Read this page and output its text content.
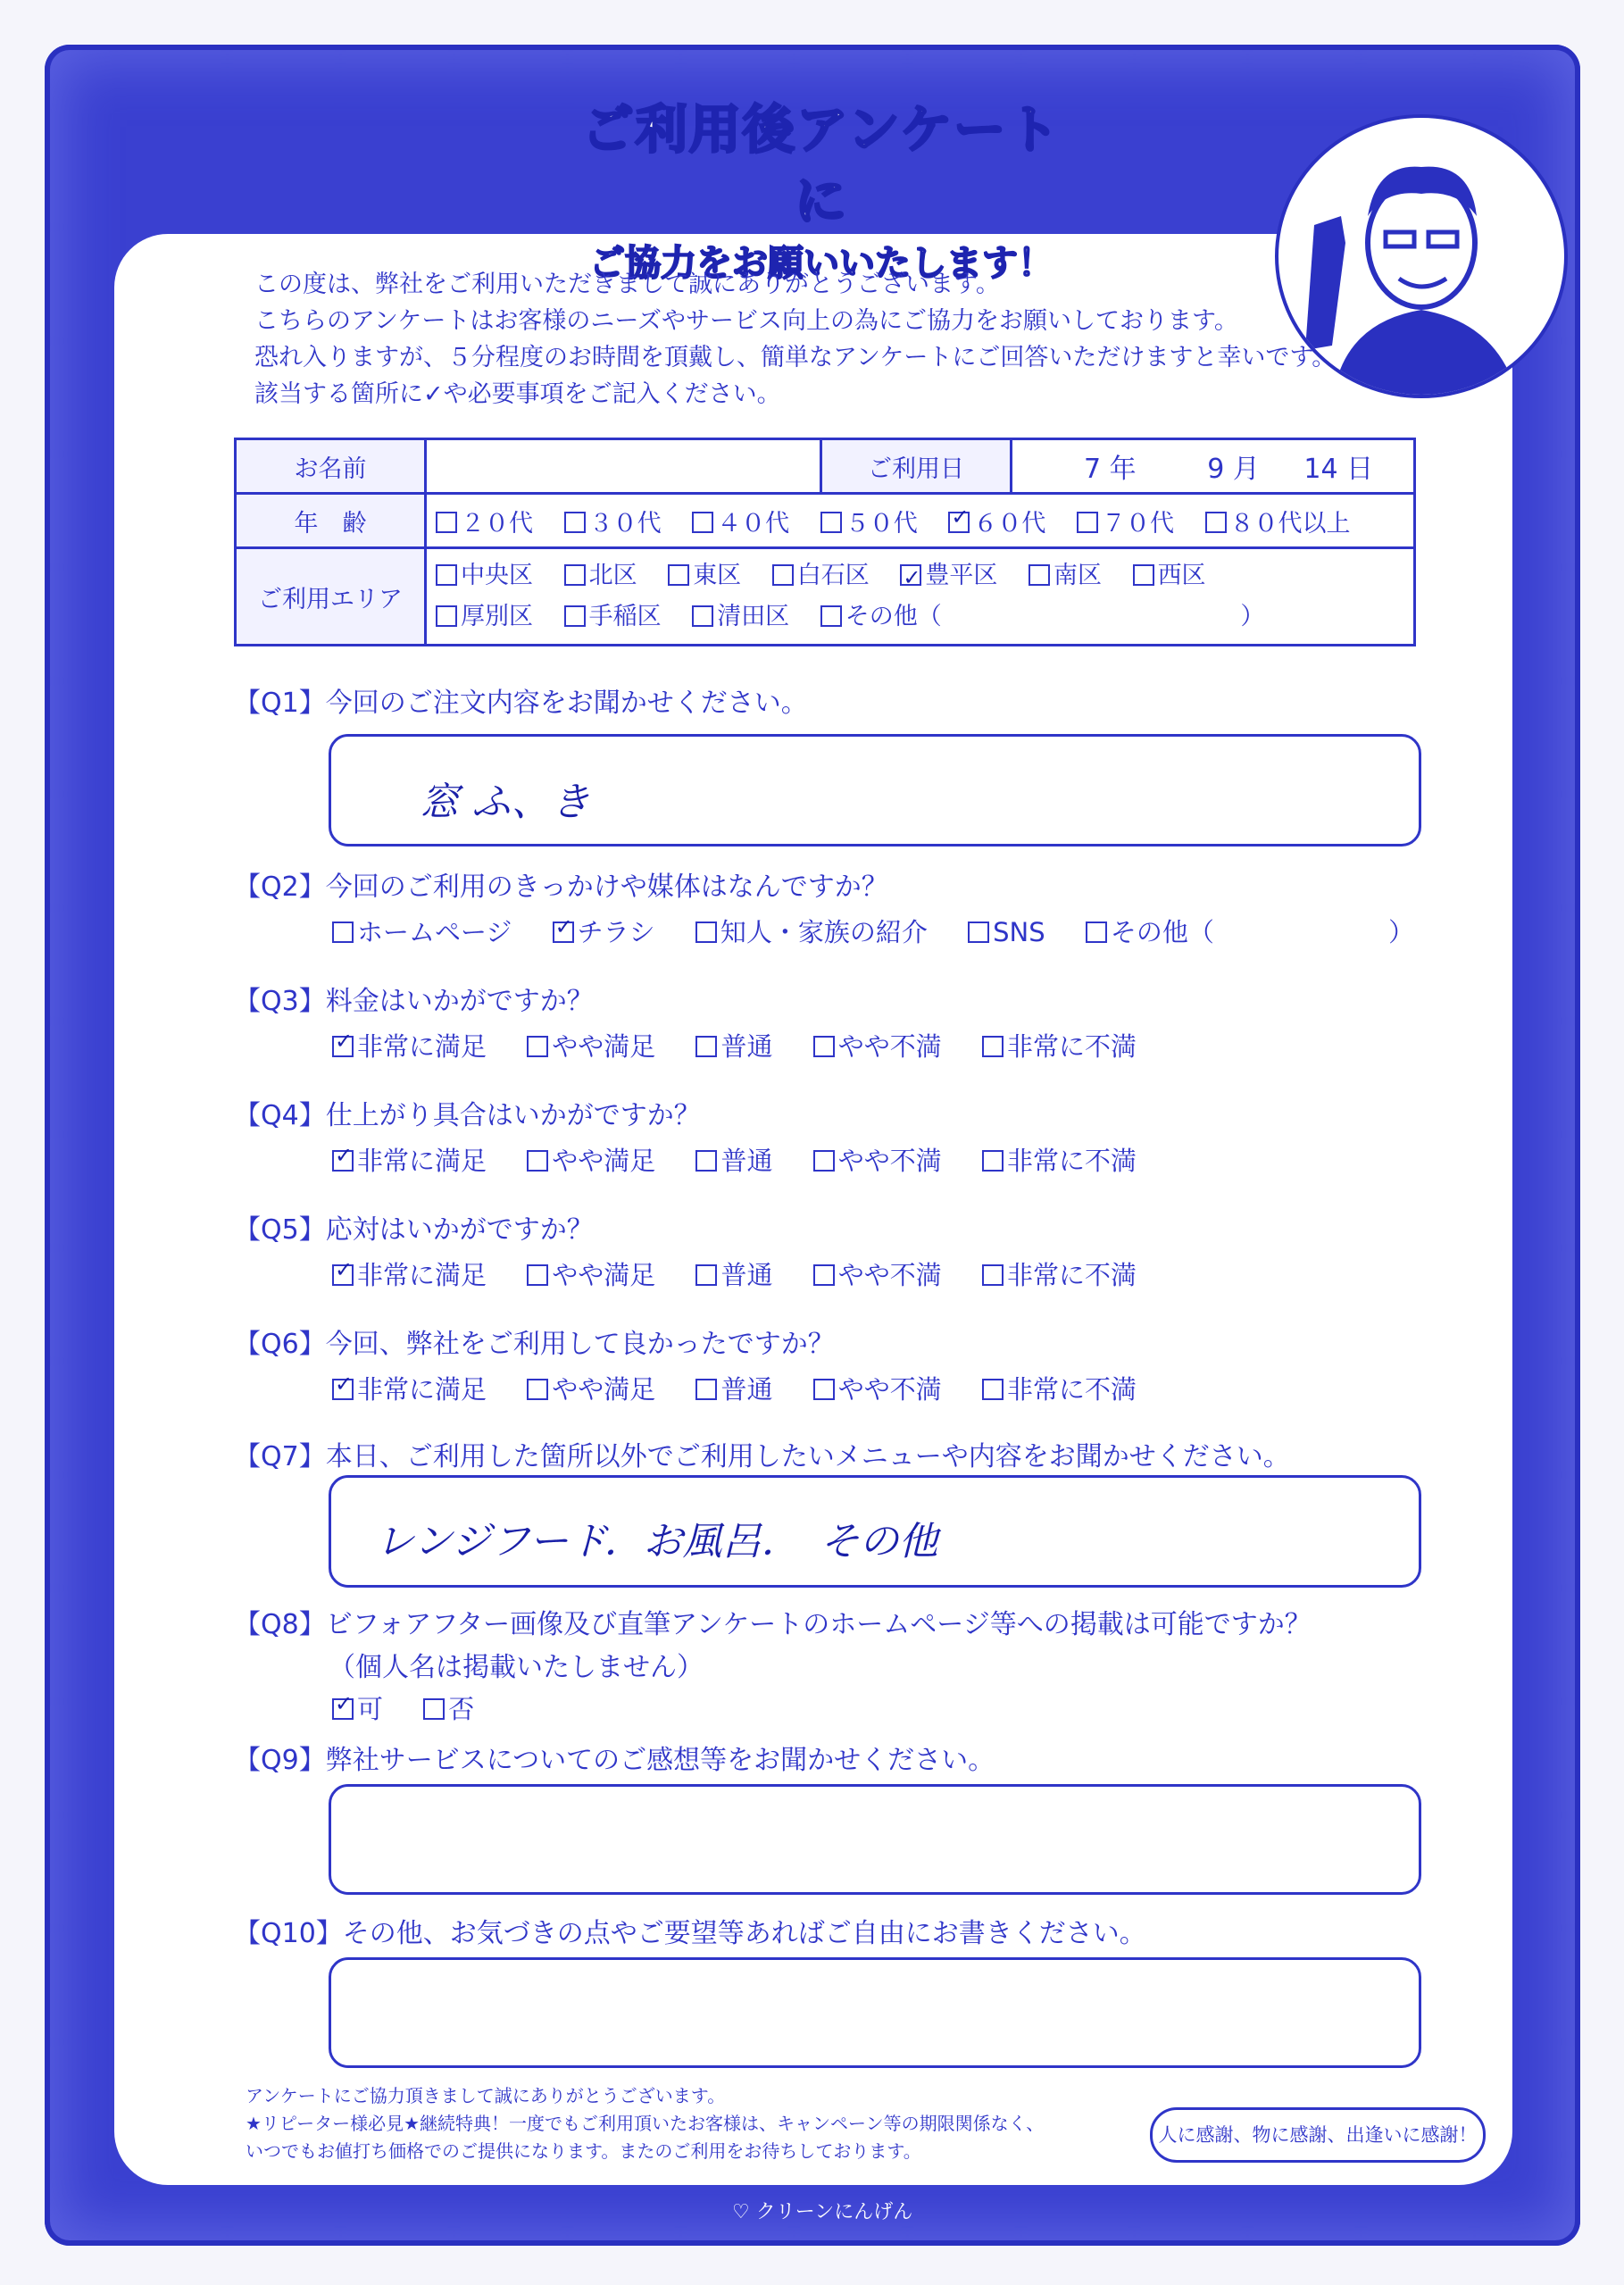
ご利用後アンケートに
ご協力をお願いいたします！
この度は、弊社をご利用いただきまして誠にありがとうございます。
こちらのアンケートはお客様のニーズやサービス向上の為にご協力をお願いしております。
恐れ入りますが、５分程度のお時間を頂戴し、簡単なアンケートにご回答いただけますと幸いです。
該当する箇所に✓や必要事項をご記入ください。
お名前		ご利用日	7 年 9 月 14 日
年　齢	２０代 ３０代 ４０代 ５０代 ✓ ６０代 ７０代 ８０代以上
ご利用エリア	中央区 北区 東区 白石区 ✓ 豊平区 南区 西区
厚別区 手稲区 清田区 その他（ ）
【Q1】今回のご注文内容をお聞かせください。
窓 ふ、き
【Q2】今回のご利用のきっかけや媒体はなんですか？
ホームページ ✓	チラシ	知人・家族の紹介	SNS	その他（	）
【Q3】料金はいかがですか？
✓非常に満足	やや満足	普通	やや不満	非常に不満
【Q4】仕上がり具合はいかがですか？
✓非常に満足	やや満足	普通	やや不満	非常に不満
【Q5】応対はいかがですか？
✓非常に満足	やや満足	普通	やや不満	非常に不満
【Q6】今回、弊社をご利用して良かったですか？
✓非常に満足	やや満足	普通	やや不満	非常に不満
【Q7】本日、ご利用した箇所以外でご利用したいメニューや内容をお聞かせください。
レンジフード．お風呂．　その他
【Q8】ビフォアフター画像及び直筆アンケートのホームページ等への掲載は可能ですか？
（個人名は掲載いたしません）
✓可	否
【Q9】弊社サービスについてのご感想等をお聞かせください。
【Q10】その他、お気づきの点やご要望等あればご自由にお書きください。
アンケートにご協力頂きまして誠にありがとうございます。
★リピーター様必見★継続特典！一度でもご利用頂いたお客様は、キャンペーン等の期限関係なく、
いつでもお値打ち価格でのご提供になります。またのご利用をお待ちしております。
人に感謝、物に感謝、出逢いに感謝！
♡ クリーンにんげん
